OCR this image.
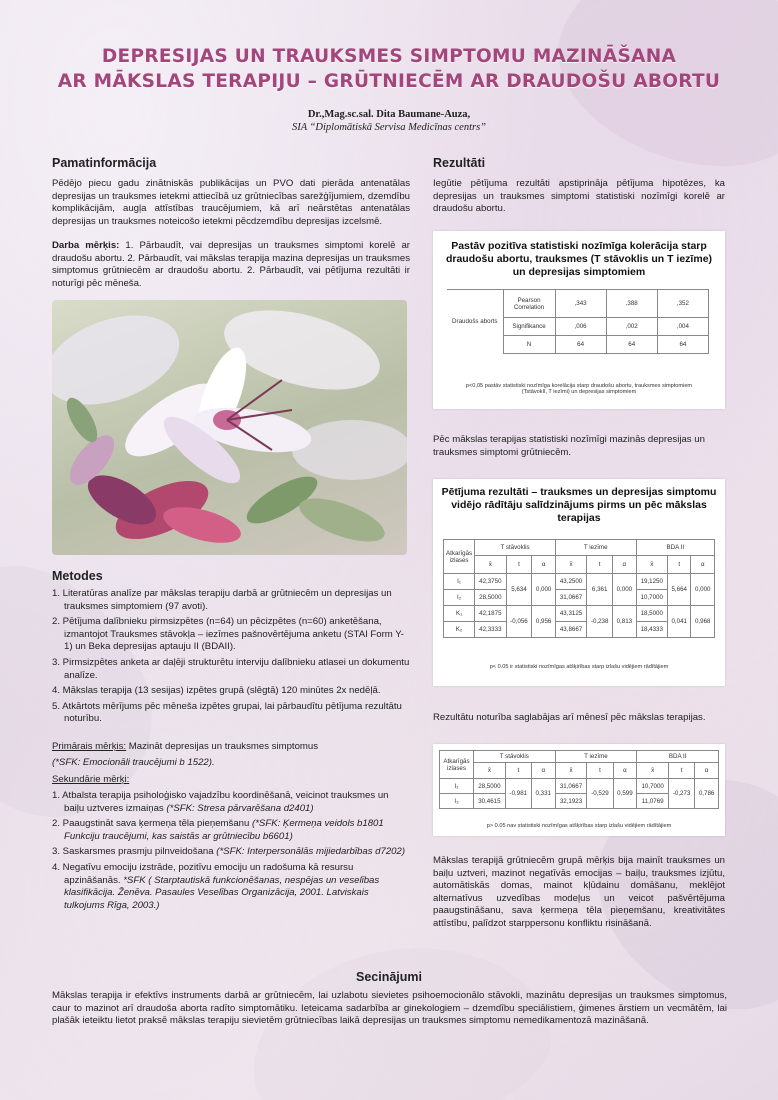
DEPRESIJAS UN TRAUKSMES SIMPTOMU MAZINĀŠANA
AR MĀKSLAS TERAPIJU – GRŪTNIECĒM AR DRAUDOŠU ABORTU
Dr.,Mag.sc.sal. Dita Baumane-Auza,
SIA “Diplomātiskā Servisa Medicīnas centrs”
Pamatinformācija
Pēdējo piecu gadu zinātniskās publikācijas un PVO dati pierāda antenatālas depresijas un trauksmes ietekmi attiecībā uz grūtniecības sarežģījumiem, dzemdību komplikācijām, augļa attīstības traucējumiem, kā arī neārstētas antenatālas depresijas un trauksmes noteicošo ietekmi pēcdzemdību depresijas izcelsmē.
Darba mērķis: 1. Pārbaudīt, vai depresijas un trauksmes simptomi korelē ar draudošu abortu. 2. Pārbaudīt, vai mākslas terapija mazina depresijas un trauksmes simptomus grūtniecēm ar draudošu abortu. 2. Pārbaudīt, vai pētījuma rezultāti ir noturīgi pēc mēneša.
Metodes
1. Literatūras analīze par mākslas terapiju darbā ar grūtniecēm un depresijas un trauksmes simptomiem (97 avoti).
2. Pētījuma dalībnieku pirmsizpētes (n=64) un pēcizpētes (n=60) anketēšana, izmantojot Trauksmes stāvokļa – iezīmes pašnovērtējuma anketu (STAI Form Y-1) un Beka depresijas aptauju II (BDAII).
3. Pirmsizpētes anketa ar daļēji strukturētu interviju dalībnieku atlasei un dokumentu analīze.
4. Mākslas terapija (13 sesijas) izpētes grupā (slēgtā) 120 minūtes 2x nedēļā.
5. Atkārtots mērījums pēc mēneša izpētes grupai, lai pārbaudītu pētījuma rezultātu noturību.
Primārais mērķis: Mazināt depresijas un trauksmes simptomus
(*SFK: Emocionāli traucējumi b 1522).
Sekundārie mērķi:
1. Atbalsta terapija psiholoģisko vajadzību koordinēšanā, veicinot trauksmes un baiļu uztveres izmaiņas (*SFK: Stresa pārvarēšana d2401)
2. Paaugstināt sava ķermeņa tēla pieņemšanu (*SFK: Ķermeņa veidols b1801 Funkciju traucējumi, kas saistās ar grūtniecību b6601)
3. Saskarsmes prasmju pilnveidošana (*SFK: Interpersonālās mijiedarbības d7202)
4. Negatīvu emociju izstrāde, pozitīvu emociju un radošuma kā resursu apzināšanās. *SFK ( Starptautiskā funkcionēšanas, nespējas un veselības klasifikācija. Ženēva. Pasaules Veselības Organizācija, 2001. Latviskais tulkojums Rīga, 2003.)
Rezultāti
Iegūtie pētījuma rezultāti apstiprināja pētījuma hipotēzes, ka depresijas un trauksmes simptomi statistiski nozīmīgi korelē ar draudošu abortu.
Pastāv pozitīva statistiski nozīmīga kolerācija starp draudošu abortu, trauksmes (T stāvoklis un T iezīme) un depresijas simptomiem
Draudošs aborts	Pearson Correlation	,343	,388	,352
	Signifikance	,006	,002	,004
	N	64	64	64
p<0,05 pastāv statistiski nozīmīga korelācija starp draudošu abortu, trauksmes simptomiem (Tstāvoklī, T iezīmi) un depresijas simptomiem
Pēc mākslas terapijas statistiski nozīmīgi mazinās depresijas un trauksmes simptomi grūtniecēm.
Pētījuma rezultāti – trauksmes un depresijas simptomu vidējo rādītāju salīdzinājums pirms un pēc mākslas terapijas
Atkarīgās izlases	T stāvoklis			T iezīme			BDA II		
	x̄	t	α	x̄	t	α	x̄	t	α
I₁	42,3750	5,634	0,000	43,2500	6,361	0,000	19,1250	5,664	0,000
I₂	28,5000			31,0667			10,7000		
K₁	42,1875	-0,056	0,956	43,3125	-0,238	0,813	18,5000	0,041	0,968
K₂	42,3333			43,8667			18,4333		
p< 0.05 ir statistiski nozīmīgas atšķirības starp izlašu vidējiem rādītājiem
Rezultātu noturība saglabājas arī mēnesī pēc mākslas terapijas.
Atkarīgās izlases	T stāvoklis			T iezīme			BDA II		
	x̄	t	α	x̄	t	α	x̄	t	α
I₂	28,5000	-0,981	0,331	31,0667	-0,529	0,599	10,7000	-0,273	0,786
I₃	30,4615			32,1923			11,0769		
p> 0.05 nav statistiski nozīmīgas atšķirības starp izlašu vidējiem rādītājiem
Mākslas terapijā grūtniecēm grupā mērķis bija mainīt trauksmes un baiļu uztveri, mazinot negatīvās emocijas – baiļu, trauksmes izjūtu, automātiskās domas, mainot kļūdainu domāšanu, meklējot alternatīvus uzvedības modeļus un veicot pašvērtējuma paaugstināšanu, sava ķermeņa tēla pieņemšanu, kreativitātes attīstību, palīdzot starppersonu konfliktu risināšanā.
Secinājumi
Mākslas terapija ir efektīvs instruments darbā ar grūtniecēm, lai uzlabotu sievietes psihoemocionālo stāvokli, mazinātu depresijas un trauksmes simptomus, caur to mazinot arī draudoša aborta radīto simptomātiku. Ieteicama sadarbība ar ginekologiem – dzemdību speciālistiem, ģimenes ārstiem un vecmātēm, lai plašāk ieteiktu lietot praksē mākslas terapiju sievietēm grūtniecības laikā depresijas un trauksmes simptomu nemedikamentozā mazināšanā.
